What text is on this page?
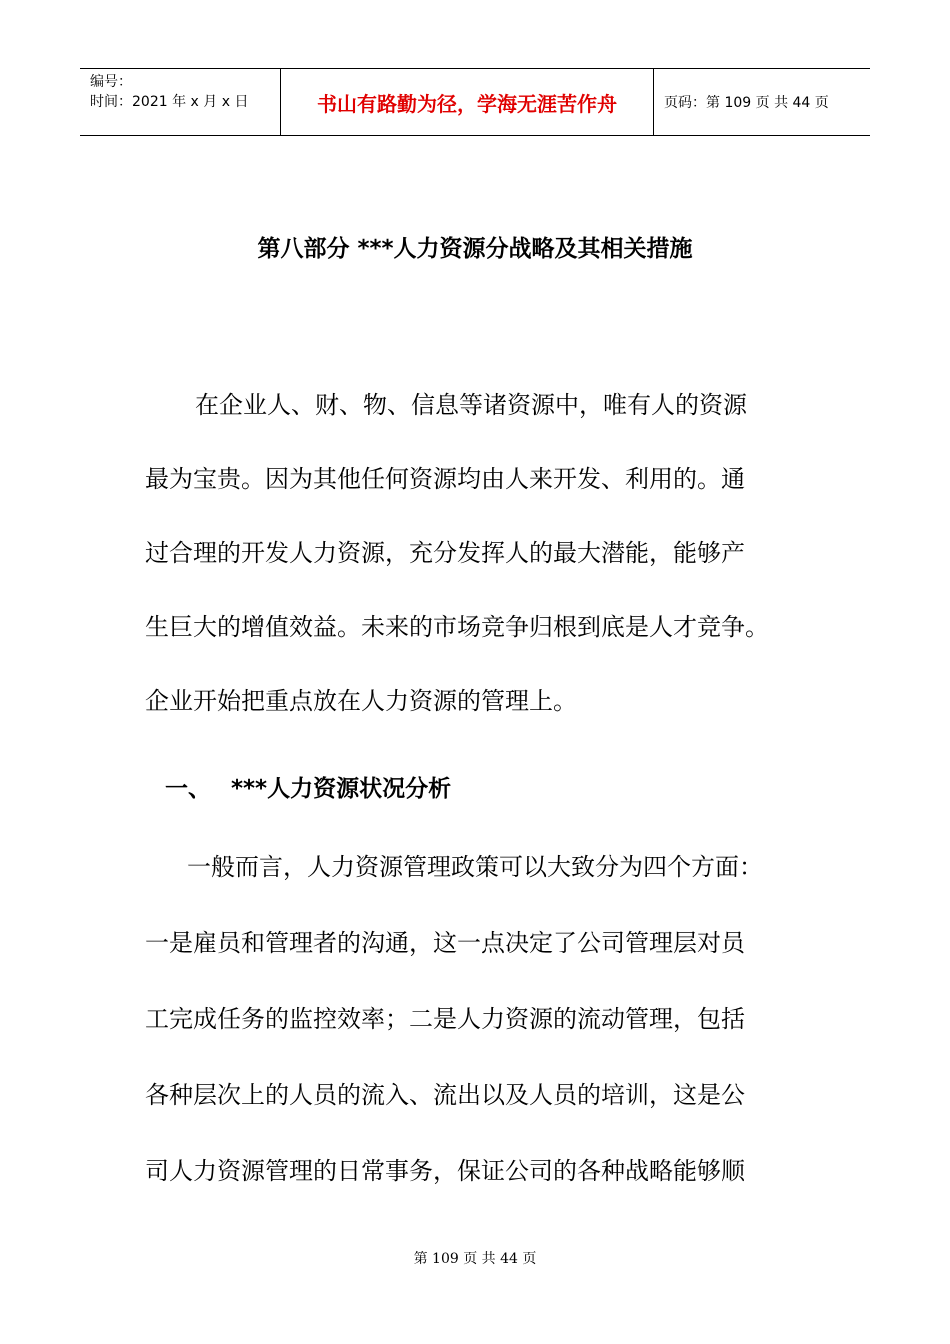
编号：
时间：2021 年 x 月 x 日	书山有路勤为径，学海无涯苦作舟	页码：第 109 页 共 44 页
第八部分 ***人力资源分战略及其相关措施
在企业人、财、物、信息等诸资源中，唯有人的资源
最为宝贵。因为其他任何资源均由人来开发、利用的。通
过合理的开发人力资源，充分发挥人的最大潜能，能够产
生巨大的增值效益。未来的市场竞争归根到底是人才竞争。
企业开始把重点放在人力资源的管理上。
一、 ***人力资源状况分析
一般而言，人力资源管理政策可以大致分为四个方面：
一是雇员和管理者的沟通，这一点决定了公司管理层对员
工完成任务的监控效率；二是人力资源的流动管理，包括
各种层次上的人员的流入、流出以及人员的培训，这是公
司人力资源管理的日常事务，保证公司的各种战略能够顺
第 109 页 共 44 页
